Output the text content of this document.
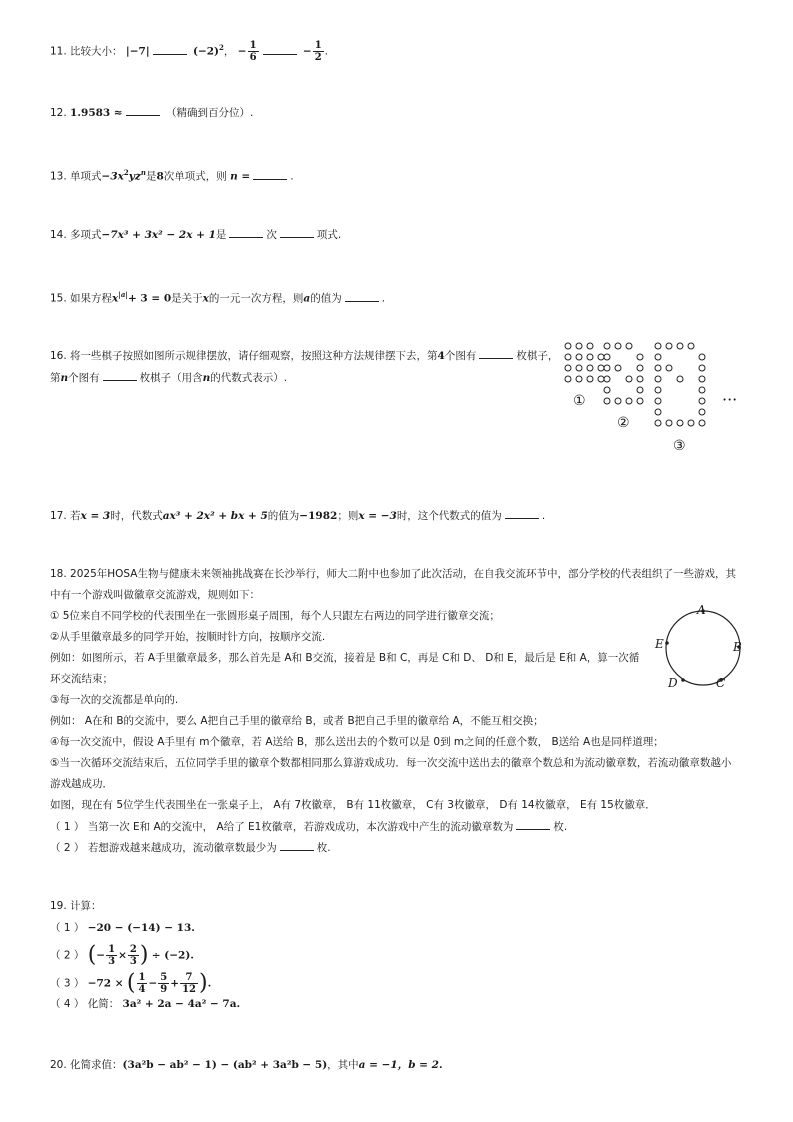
11. 比较大小： |−7|	$(-2)^2$， − $\frac{1}{6}$	− $\frac{1}{2}$ .
12. 1.9583 ≈	（精确到百分位）.
13. 单项式$-3x^2yz^n$是8次单项式，则 n =	.
14. 多项式−7x³ + 3x² − 2x + 1是	次	项式.
15. 如果方程$x^{|a|}+ 3 = 0$是关于x的一元一次方程，则a的值为	.
16. 将一些棋子按照如图所示规律摆放，请仔细观察，按照这种方法规律摆下去，第4个图有	枚棋子，
第n个图有	枚棋子（用含n的代数式表示）.
①
②
③
···
17. 若x = 3时，代数式ax³ + 2x² + bx + 5的值为−1982；则x = −3时，这个代数式的值为	.
18. 2025年HOSA生物与健康未来领袖挑战赛在长沙举行，师大二附中也参加了此次活动，在自我交流环节中，部分学校的代表组织了一些游戏，其
中有一个游戏叫做徽章交流游戏，规则如下：
① 5位来自不同学校的代表围坐在一张圆形桌子周围，每个人只跟左右两边的同学进行徽章交流；
②从手里徽章最多的同学开始，按顺时针方向，按顺序交流.
例如：如图所示，若 A手里徽章最多，那么首先是 A和 B交流，接着是 B和 C，再是 C和 D、 D和 E，最后是 E和 A，算一次循
环交流结束；
③每一次的交流都是单向的.
例如： A在和 B的交流中，要么 A把自己手里的徽章给 B，或者 B把自己手里的徽章给 A，不能互相交换；
④每一次交流中，假设 A手里有 m个徽章，若 A送给 B，那么送出去的个数可以是 0到 m之间的任意个数， B送给 A也是同样道理；
⑤当一次循环交流结束后，五位同学手里的徽章个数都相同那么算游戏成功．每一次交流中送出去的徽章个数总和为流动徽章数，若流动徽章数越小
游戏越成功．
如图，现在有 5位学生代表围坐在一张桌子上， A有 7枚徽章， B有 11枚徽章， C有 3枚徽章， D有 14枚徽章， E有 15枚徽章．
（ 1 ） 当第一次 E和 A的交流中， A给了 E1枚徽章，若游戏成功，本次游戏中产生的流动徽章数为	枚.
（ 2 ） 若想游戏越来越成功，流动徽章数最少为	枚.
A
B
C
D
E
19. 计算：
（ 1 ） −20 − (−14) − 13.
（ 2 ） (− $\frac{1}{3} \times \frac{2}{3}$ ) ÷ (−2).
（ 3 ） −72 × ( $\frac{1}{4} - \frac{5}{9} + \frac{7}{12}$ ).
（ 4 ） 化简： 3a² + 2a − 4a² − 7a.
20. 化简求值：(3a²b − ab² − 1) − (ab² + 3a²b − 5)，其中a = −1，b = 2.
